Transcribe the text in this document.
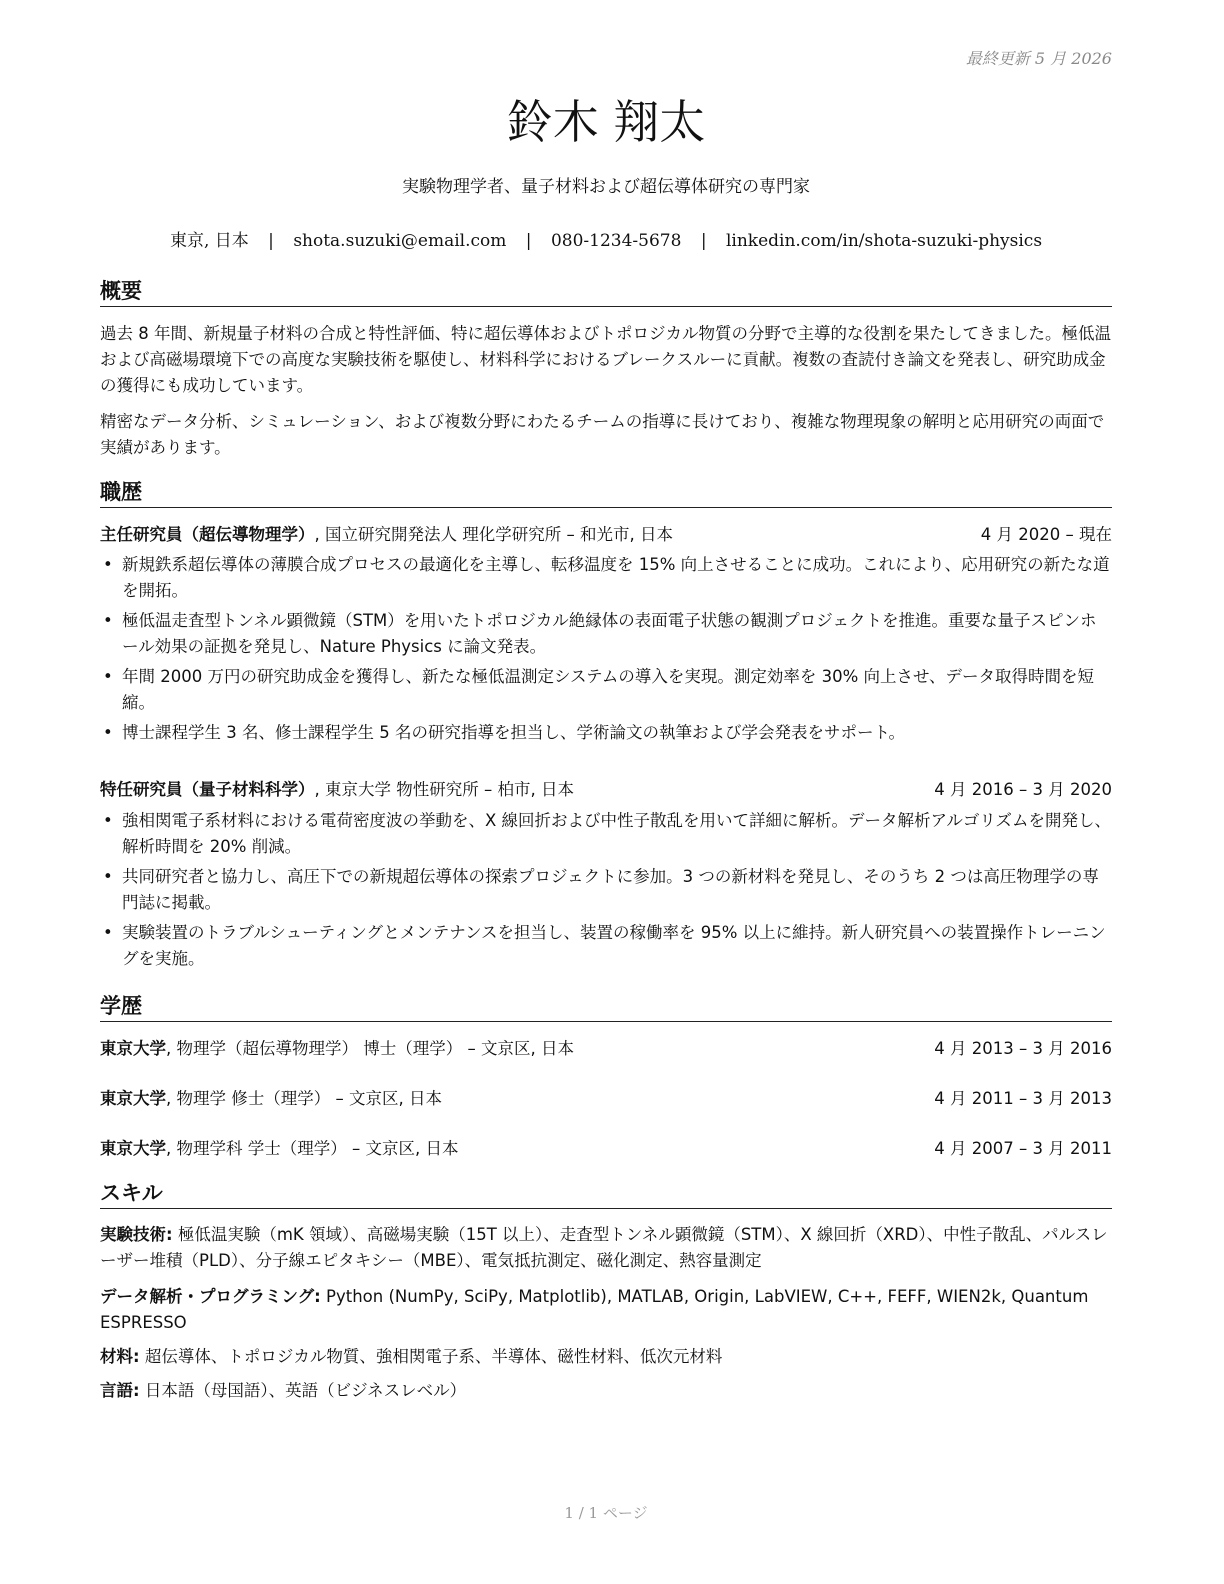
最終更新 5 月 2026
鈴木 翔太
実験物理学者、量子材料および超伝導体研究の専門家
東京, 日本 | shota.suzuki@email.com | 080-1234-5678 | linkedin.com/in/shota-suzuki-physics
概要
過去 8 年間、新規量子材料の合成と特性評価、特に超伝導体およびトポロジカル物質の分野で主導的な役割を果たしてきました。極低温および高磁場環境下での高度な実験技術を駆使し、材料科学におけるブレークスルーに貢献。複数の査読付き論文を発表し、研究助成金の獲得にも成功しています。
精密なデータ分析、シミュレーション、および複数分野にわたるチームの指導に長けており、複雑な物理現象の解明と応用研究の両面で実績があります。
職歴
主任研究員（超伝導物理学）, 国立研究開発法人 理化学研究所 – 和光市, 日本	4 月 2020 – 現在
• 新規鉄系超伝導体の薄膜合成プロセスの最適化を主導し、転移温度を 15% 向上させることに成功。これにより、応用研究の新たな道を開拓。
• 極低温走査型トンネル顕微鏡（STM）を用いたトポロジカル絶縁体の表面電子状態の観測プロジェクトを推進。重要な量子スピンホール効果の証拠を発見し、Nature Physics に論文発表。
• 年間 2000 万円の研究助成金を獲得し、新たな極低温測定システムの導入を実現。測定効率を 30% 向上させ、データ取得時間を短縮。
• 博士課程学生 3 名、修士課程学生 5 名の研究指導を担当し、学術論文の執筆および学会発表をサポート。
特任研究員（量子材料科学）, 東京大学 物性研究所 – 柏市, 日本	4 月 2016 – 3 月 2020
• 強相関電子系材料における電荷密度波の挙動を、X 線回折および中性子散乱を用いて詳細に解析。データ解析アルゴリズムを開発し、解析時間を 20% 削減。
• 共同研究者と協力し、高圧下での新規超伝導体の探索プロジェクトに参加。3 つの新材料を発見し、そのうち 2 つは高圧物理学の専門誌に掲載。
• 実験装置のトラブルシューティングとメンテナンスを担当し、装置の稼働率を 95% 以上に維持。新人研究員への装置操作トレーニングを実施。
学歴
東京大学, 物理学（超伝導物理学） 博士（理学） – 文京区, 日本	4 月 2013 – 3 月 2016
東京大学, 物理学 修士（理学） – 文京区, 日本	4 月 2011 – 3 月 2013
東京大学, 物理学科 学士（理学） – 文京区, 日本	4 月 2007 – 3 月 2011
スキル
実験技術: 極低温実験（mK 領域）、高磁場実験（15T 以上）、走査型トンネル顕微鏡（STM）、X 線回折（XRD）、中性子散乱、パルスレーザー堆積（PLD）、分子線エピタキシー（MBE）、電気抵抗測定、磁化測定、熱容量測定
データ解析・プログラミング: Python (NumPy, SciPy, Matplotlib), MATLAB, Origin, LabVIEW, C++, FEFF, WIEN2k, Quantum ESPRESSO
材料: 超伝導体、トポロジカル物質、強相関電子系、半導体、磁性材料、低次元材料
言語: 日本語（母国語）、英語（ビジネスレベル）
1 / 1 ページ
